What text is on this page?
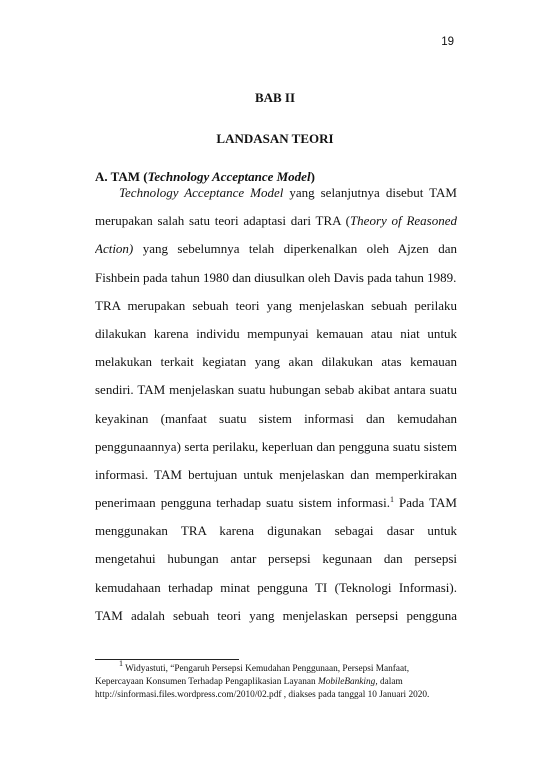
19
BAB II
LANDASAN TEORI
A. TAM (Technology Acceptance Model)
Technology Acceptance Model yang selanjutnya disebut TAM
merupakan salah satu teori adaptasi dari TRA (Theory of Reasoned
Action) yang sebelumnya telah diperkenalkan oleh Ajzen dan
Fishbein pada tahun 1980 dan diusulkan oleh Davis pada tahun 1989.
TRA merupakan sebuah teori yang menjelaskan sebuah perilaku
dilakukan karena individu mempunyai kemauan atau niat untuk
melakukan terkait kegiatan yang akan dilakukan atas kemauan
sendiri. TAM menjelaskan suatu hubungan sebab akibat antara suatu
keyakinan (manfaat suatu sistem informasi dan kemudahan
penggunaannya) serta perilaku, keperluan dan pengguna suatu sistem
informasi. TAM bertujuan untuk menjelaskan dan memperkirakan
penerimaan pengguna terhadap suatu sistem informasi.$^1$ Pada TAM
menggunakan TRA karena digunakan sebagai dasar untuk
mengetahui hubungan antar persepsi kegunaan dan persepsi
kemudahaan terhadap minat pengguna TI (Teknologi Informasi).
TAM adalah sebuah teori yang menjelaskan persepsi pengguna
$^1$ Widyastuti, “Pengaruh Persepsi Kemudahan Penggunaan, Persepsi Manfaat,
Kepercayaan Konsumen Terhadap Pengaplikasian Layanan MobileBanking, dalam
http://sinformasi.files.wordpress.com/2010/02.pdf , diakses pada tanggal 10 Januari 2020.
